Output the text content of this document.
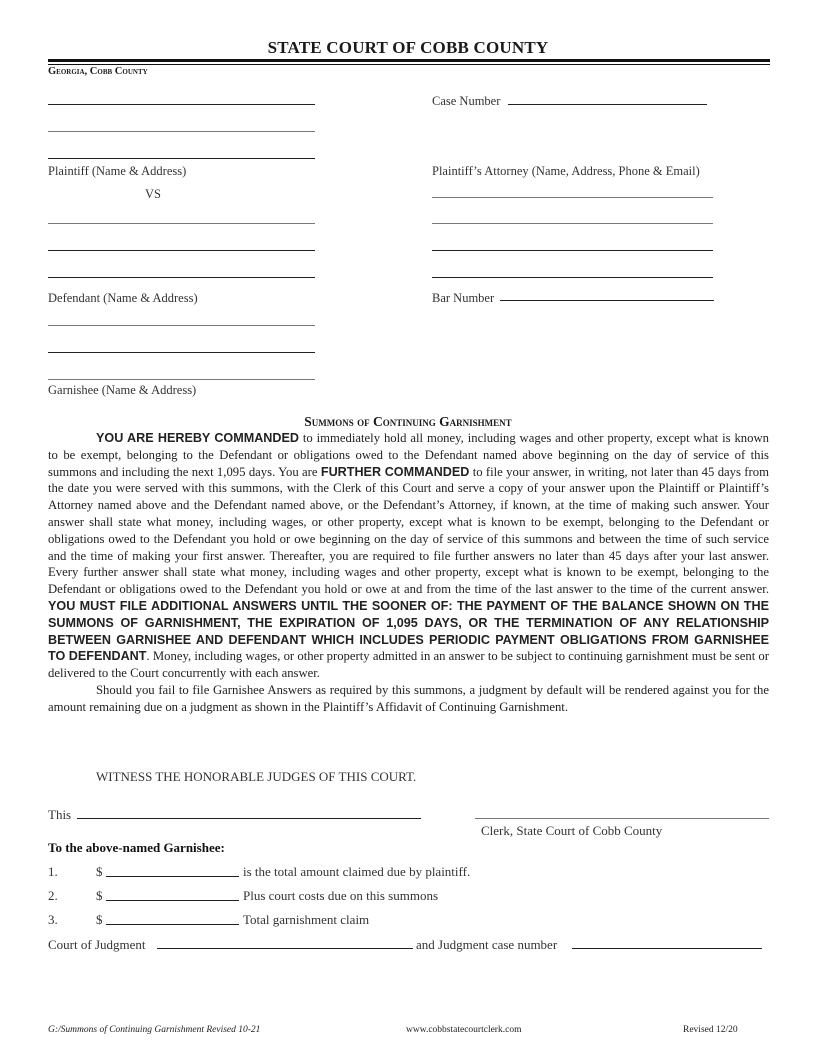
STATE COURT OF COBB COUNTY
Georgia, Cobb County
Plaintiff (Name & Address)
VS
Case Number
Plaintiff’s Attorney (Name, Address, Phone & Email)
Bar Number
Defendant (Name & Address)
Garnishee (Name & Address)
Summons of Continuing Garnishment

YOU ARE HEREBY COMMANDED to immediately hold all money, including wages and other property, except what is known to be exempt, belonging to the Defendant or obligations owed to the Defendant named above beginning on the day of service of this summons and including the next 1,095 days. You are FURTHER COMMANDED to file your answer, in writing, not later than 45 days from the date you were served with this summons, with the Clerk of this Court and serve a copy of your answer upon the Plaintiff or Plaintiff’s Attorney named above and the Defendant named above, or the Defendant’s Attorney, if known, at the time of making such answer. Your answer shall state what money, including wages, or other property, except what is known to be exempt, belonging to the Defendant or obligations owed to the Defendant you hold or owe beginning on the day of service of this summons and between the time of such service and the time of making your first answer. Thereafter, you are required to file further answers no later than 45 days after your last answer. Every further answer shall state what money, including wages and other property, except what is known to be exempt, belonging to the Defendant or obligations owed to the Defendant you hold or owe at and from the time of the last answer to the time of the current answer. YOU MUST FILE ADDITIONAL ANSWERS UNTIL THE SOONER OF: THE PAYMENT OF THE BALANCE SHOWN ON THE SUMMONS OF GARNISHMENT, THE EXPIRATION OF 1,095 DAYS, OR THE TERMINATION OF ANY RELATIONSHIP BETWEEN GARNISHEE AND DEFENDANT WHICH INCLUDES PERIODIC PAYMENT OBLIGATIONS FROM GARNISHEE TO DEFENDANT. Money, including wages, or other property admitted in an answer to be subject to continuing garnishment must be sent or delivered to the Court concurrently with each answer.

Should you fail to file Garnishee Answers as required by this summons, a judgment by default will be rendered against you for the amount remaining due on a judgment as shown in the Plaintiff’s Affidavit of Continuing Garnishment.

WITNESS THE HONORABLE JUDGES OF THIS COURT.
This
Clerk, State Court of Cobb County
To the above-named Garnishee:
1.	$	is the total amount claimed due by plaintiff.
2.	$	Plus court costs due on this summons
3.	$	Total garnishment claim
Court of Judgment	and Judgment case number
G:/Summons of Continuing Garnishment Revised 10-21	www.cobbstatecourtclerk.com	Revised 12/20
